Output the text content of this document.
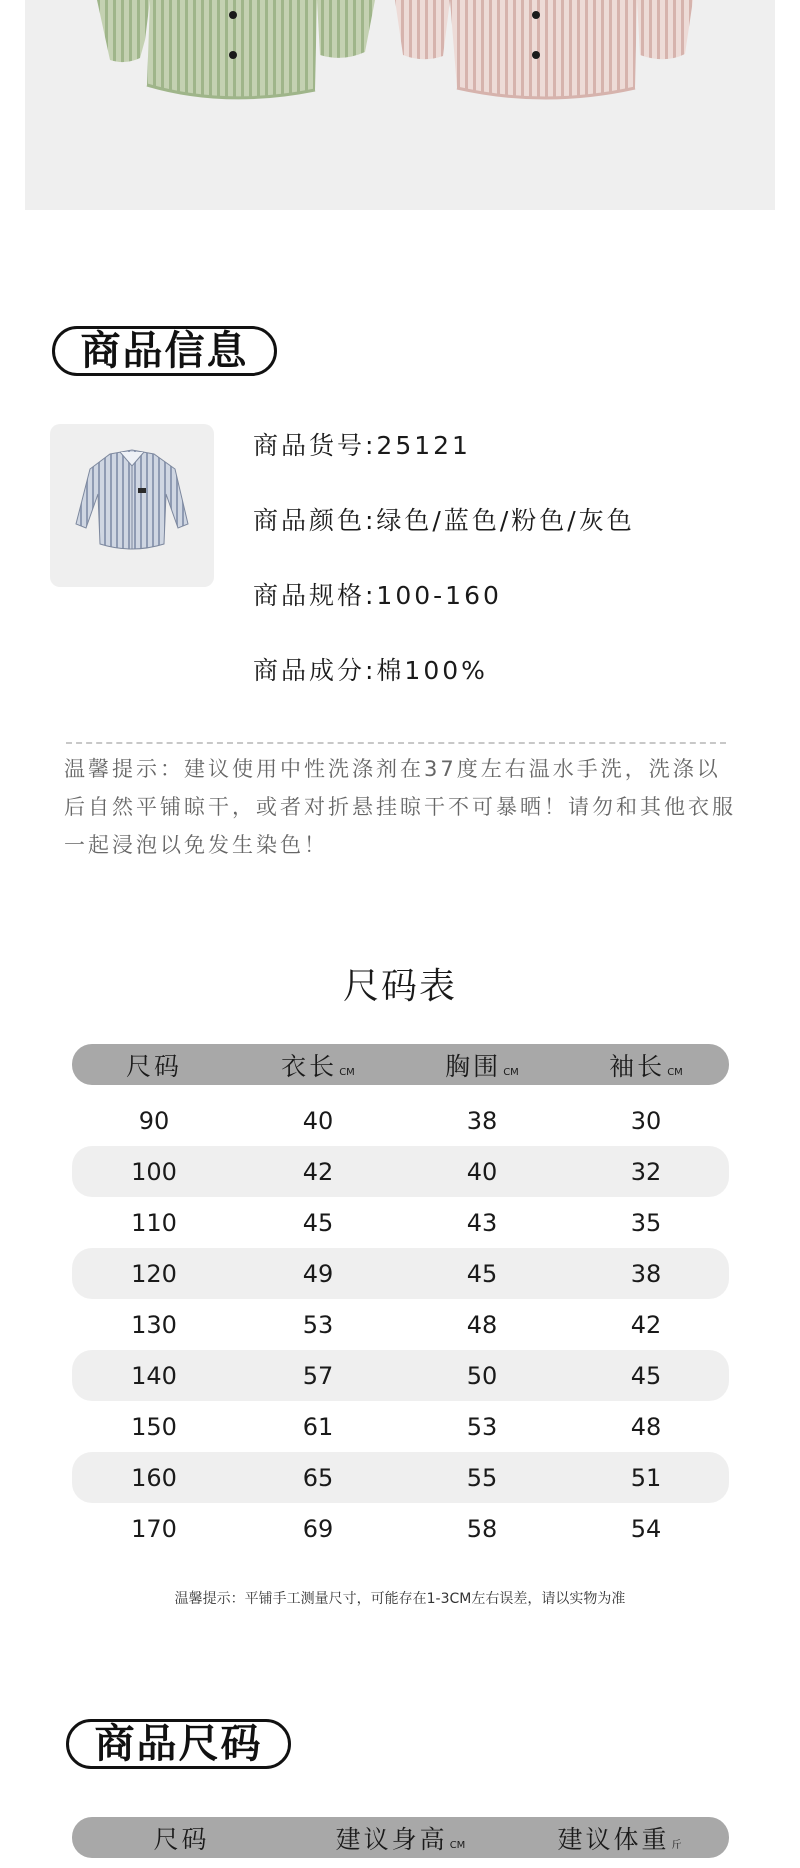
商品信息
商品货号:25121
商品颜色:绿色/蓝色/粉色/灰色
商品规格:100-160
商品成分:棉100%
温馨提示：建议使用中性洗涤剂在37度左右温水手洗，洗涤以后自然平铺晾干，或者对折悬挂晾干不可暴晒！请勿和其他衣服一起浸泡以免发生染色！
尺码表
尺码	衣长 CM	胸围 CM	袖长 CM
90	40	38	30
100	42	40	32
110	45	43	35
120	49	45	38
130	53	48	42
140	57	50	45
150	61	53	48
160	65	55	51
170	69	58	54
温馨提示：平铺手工测量尺寸，可能存在1-3CM左右误差，请以实物为准
商品尺码
尺码	建议身高 CM	建议体重 斤
